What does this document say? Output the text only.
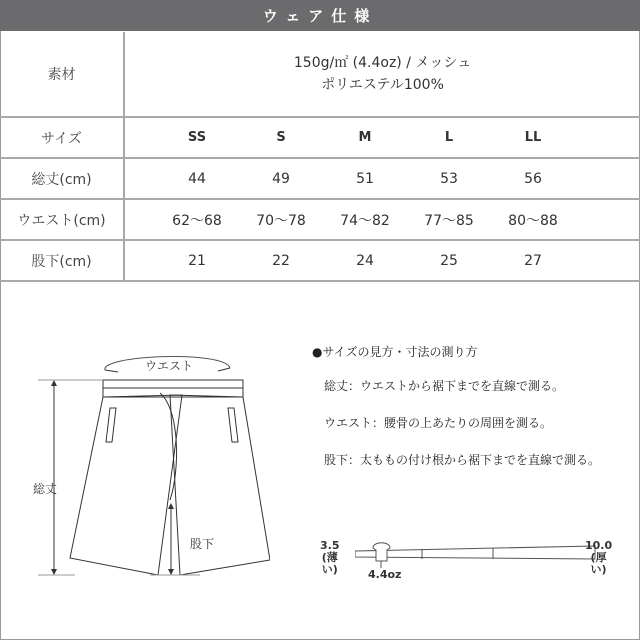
ウェア仕様
素材	150g/㎡ (4.4oz) / メッシュ
ポリエステル100%

サイズ	SS S M L LL

総丈(cm)	44 49 51 53 56

ウエスト(cm)	62〜68 70〜78 74〜82 77〜85 80〜88

股下(cm)	21 22 24 25 27
ウエスト
総丈
股下
●サイズの見方・寸法の測り方
総丈：ウエストから裾下までを直線で測る。
ウエスト：腰骨の上あたりの周囲を測る。
股下：太ももの付け根から裾下までを直線で測る。
3.5
(薄い)	4.4oz
10.0
(厚い)
